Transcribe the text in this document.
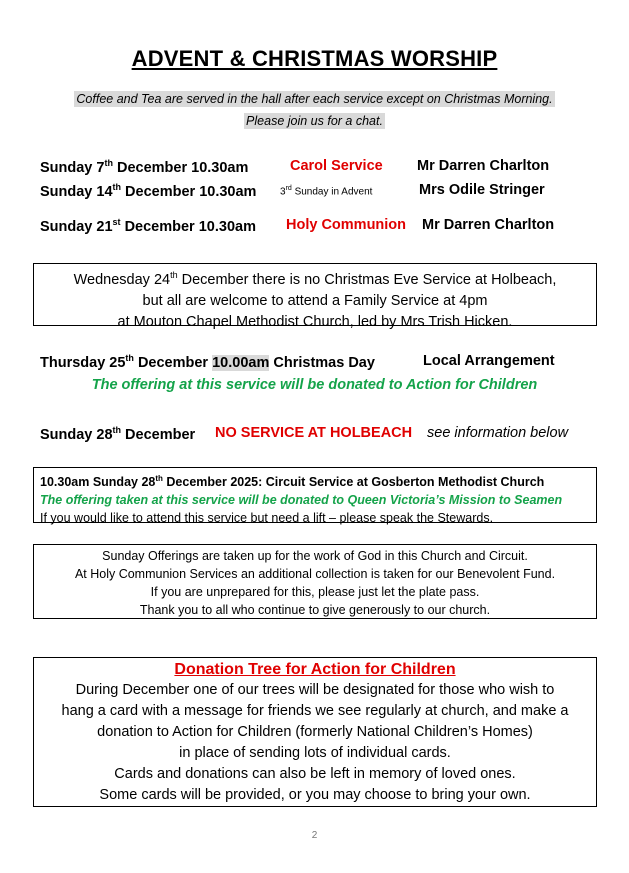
ADVENT & CHRISTMAS WORSHIP
Coffee and Tea are served in the hall after each service except on Christmas Morning.
Please join us for a chat.
Sunday 7th December 10.30am	Carol Service Mr Darren Charlton
Sunday 14th December 10.30am 3rd Sunday in Advent	Mrs Odile Stringer
Sunday 21st December 10.30am Holy Communion Mr Darren Charlton
Wednesday 24th December there is no Christmas Eve Service at Holbeach,
but all are welcome to attend a Family Service at 4pm
at Mouton Chapel Methodist Church, led by Mrs Trish Hicken.
Thursday 25th December 10.00am Christmas Day	Local Arrangement
The offering at this service will be donated to Action for Children
Sunday 28th December NO SERVICE AT HOLBEACH see information below
10.30am Sunday 28th December 2025: Circuit Service at Gosberton Methodist Church
The offering taken at this service will be donated to Queen Victoria’s Mission to Seamen
If you would like to attend this service but need a lift – please speak the Stewards.

Sunday Offerings are taken up for the work of God in this Church and Circuit.

At Holy Communion Services an additional collection is taken for our Benevolent Fund.

If you are unprepared for this, please just let the plate pass.

Thank you to all who continue to give generously to our church.

Donation Tree for Action for Children

During December one of our trees will be designated for those who wish to

hang a card with a message for friends we see regularly at church, and make a

donation to Action for Children (formerly National Children’s Homes)

in place of sending lots of individual cards.

Cards and donations can also be left in memory of loved ones.

Some cards will be provided, or you may choose to bring your own.

2
